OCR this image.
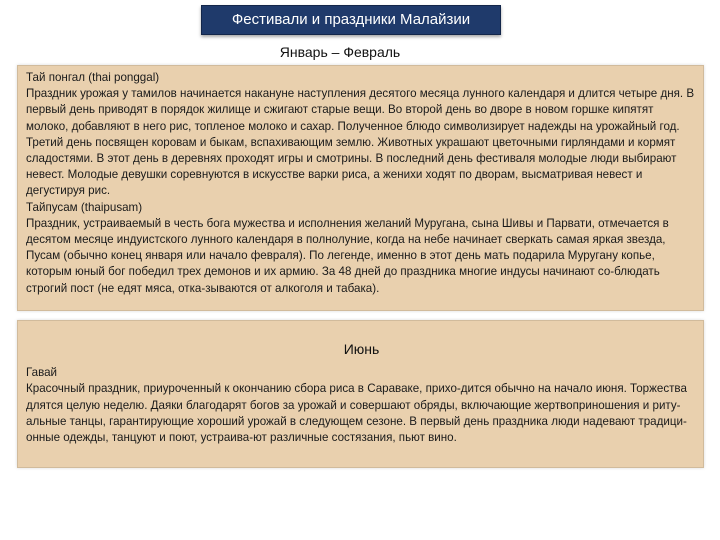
Фестивали и праздники Малайзии
Январь – Февраль

Тай понгал (thai ponggal)
Праздник урожая у тамилов начинается накануне наступления десятого месяца лунного календаря и длится четыре дня. В первый день приводят в порядок жилище и сжигают старые вещи. Во второй день во дворе в новом горшке кипятят молоко, добавляют в него рис, топленое молоко и сахар. Полученное блюдо символизирует надежды на урожайный год. Третий день посвящен коровам и быкам, вспахивающим землю. Животных украшают цветочными гирляндами и кормят сладостями. В этот день в деревнях проходят игры и смотрины. В последний день фестиваля молодые люди выбирают невест. Молодые девушки соревнуются в искусстве варки риса, а женихи ходят по дворам, высматривая невест и дегустируя рис.

Тайпусам (thaipusam)
Праздник, устраиваемый в честь бога мужества и исполнения желаний Муругана, сына Шивы и Парвати, отмечается в десятом месяце индуистского лунного календаря в полнолуние, когда на небе начинает сверкать самая яркая звезда, Пусам (обычно конец января или начало февраля). По легенде, именно в этот день мать подарила Муругану копье, которым юный бог победил трех демонов и их армию. За 48 дней до праздника многие индусы начинают со-блюдать строгий пост (не едят мяса, отка-зываются от алкоголя и табака).

Июнь

Гавай
Красочный праздник, приуроченный к окончанию сбора риса в Сараваке, прихо-дится обычно на начало июня. Торжества длятся целую неделю. Даяки благодарят богов за урожай и совершают обряды, включающие жертвоприношения и риту-альные танцы, гарантирующие хороший урожай в следующем сезоне. В первый день праздника люди надевают традици-онные одежды, танцуют и поют, устраива-ют различные состязания, пьют вино.
